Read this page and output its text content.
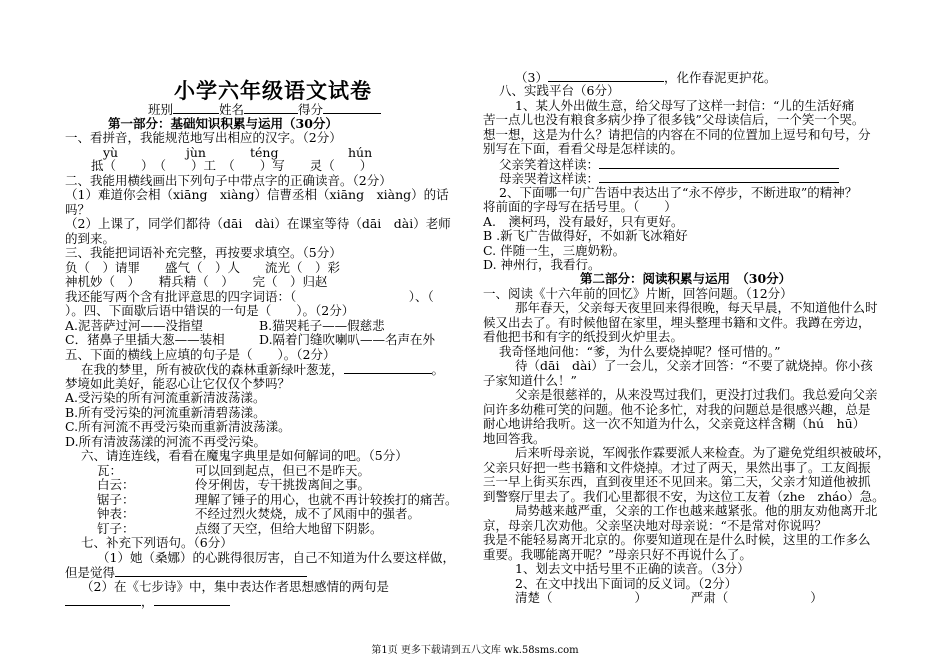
小学六年级语文试卷
班别	姓名	得分
第一部分：基础知识积累与运用（30分）
一、看拼音，我能规范地写出相应的汉字。（2分）
yù	jùn	téng	hún
抵（　　）　（　　）工　（　　）写　　灵（　　）
二、我能用横线画出下列句子中带点字的正确读音。（2分）
（1）难道你会相（xiāng　xiàng）信曹丞相（xiāng　xiàng）的话
吗？
（2）上课了，同学们都待（dāi　dài）在课室等待（dāi　dài）老师
的到来。
三、我能把词语补充完整，再按要求填空。（5分）
负（　）请罪　　盛气（　）人　　流光（　）彩
神机妙（　）　　精兵精（　）　　完（　）归赵
我还能写两个含有批评意思的四字词语：（　　　　　　　　　）、（
）。四、下面歇后语中错误的一句是（　　）。（2分）
A.泥菩萨过河——没指望	B.猫哭耗子——假慈悲
C．猪鼻子里插大葱——装相	D.隔着门缝吹喇叭——名声在外
五、下面的横线上应填的句子是（　　）。（2分）
在我的梦里，所有被砍伐的森林重新绿叶葱茏，	。
梦境如此美好，能忍心让它仅仅个梦吗？
A.受污染的所有河流重新清波荡漾。
B.所有受污染的河流重新清碧荡漾。
C.所有河流不再受污染而重新清波荡漾。
D.所有清波荡漾的河流不再受污染。
六、请连连线，看看在魔鬼字典里是如何解词的吧。（5分）
瓦：	可以回到起点，但已不是昨天。
白云：	伶牙俐齿，专干挑拨离间之事。
锯子：	理解了锤子的用心，也就不再计较挨打的痛苦。
钟表：	不经过烈火焚烧，成不了风雨中的强者。
钉子：	点缀了天空，但给大地留下阴影。
七、补充下列语句。（6分）
（1）她（桑娜）的心跳得很厉害，自己不知道为什么要这样做，
但是觉得
（2）在《七步诗》中，集中表达作者思想感情的两句是
，
（3）	，化作春泥更护花。
八、实践平台（6分）
1、某人外出做生意，给父母写了这样一封信：“儿的生活好痛
苦一点儿也没有粮食多病少挣了很多钱”父母读信后，一个笑一个哭。
想一想，这是为什么？请把信的内容在不同的位置加上逗号和句号，分
别写在下面，看看父母是怎样读的。
父亲笑着这样读：
母亲哭着这样读：
2、下面哪一句广告语中表达出了“永不停步，不断进取”的精神？
将前面的字母写在括号里。（　　）
A.　澳柯玛，没有最好，只有更好。
B .新飞广告做得好，不如新飞冰箱好
C. 伴随一生，三鹿奶粉。
D. 神州行，我看行。
第二部分：阅读积累与运用　（30分）
一、阅读《十六年前的回忆》片断，回答问题。（12分）
那年春天，父亲每天夜里回来得很晚，每天早晨，不知道他什么时
候又出去了。有时候他留在家里，埋头整理书籍和文件。我蹲在旁边，
看他把书和有字的纸投到火炉里去。
我奇怪地问他：“爹，为什么要烧掉呢？怪可惜的。”
待（dāi　dài）了一会儿，父亲才回答：“不要了就烧掉。你小孩
子家知道什么！”
父亲是很慈祥的，从来没骂过我们，更没打过我们。我总爱向父亲
问许多幼稚可笑的问题。他不论多忙，对我的问题总是很感兴趣，总是
耐心地讲给我听。这一次不知道为什么，父亲竟这样含糊（hú　hū）
地回答我。
后来听母亲说，军阀张作霖要派人来检查。为了避免党组织被破坏，
父亲只好把一些书籍和文件烧掉。才过了两天，果然出事了。工友阎振
三一早上街买东西，直到夜里还不见回来。第二天，父亲才知道他被抓
到警察厅里去了。我们心里都很不安，为这位工友着（zhe　zháo）急。
局势越来越严重，父亲的工作也越来越紧张。他的朋友劝他离开北
京，母亲几次劝他。父亲坚决地对母亲说：“不是常对你说吗？
我是不能轻易离开北京的。你要知道现在是什么时候，这里的工作多么
重要。我哪能离开呢？”母亲只好不再说什么了。
1、划去文中括号里不正确的读音。（3分）
2、在文中找出下面词的反义词。（2分）
清楚（	）　　　　严肃（	）
第1页 更多下载请到五八文库 wk.58sms.com
